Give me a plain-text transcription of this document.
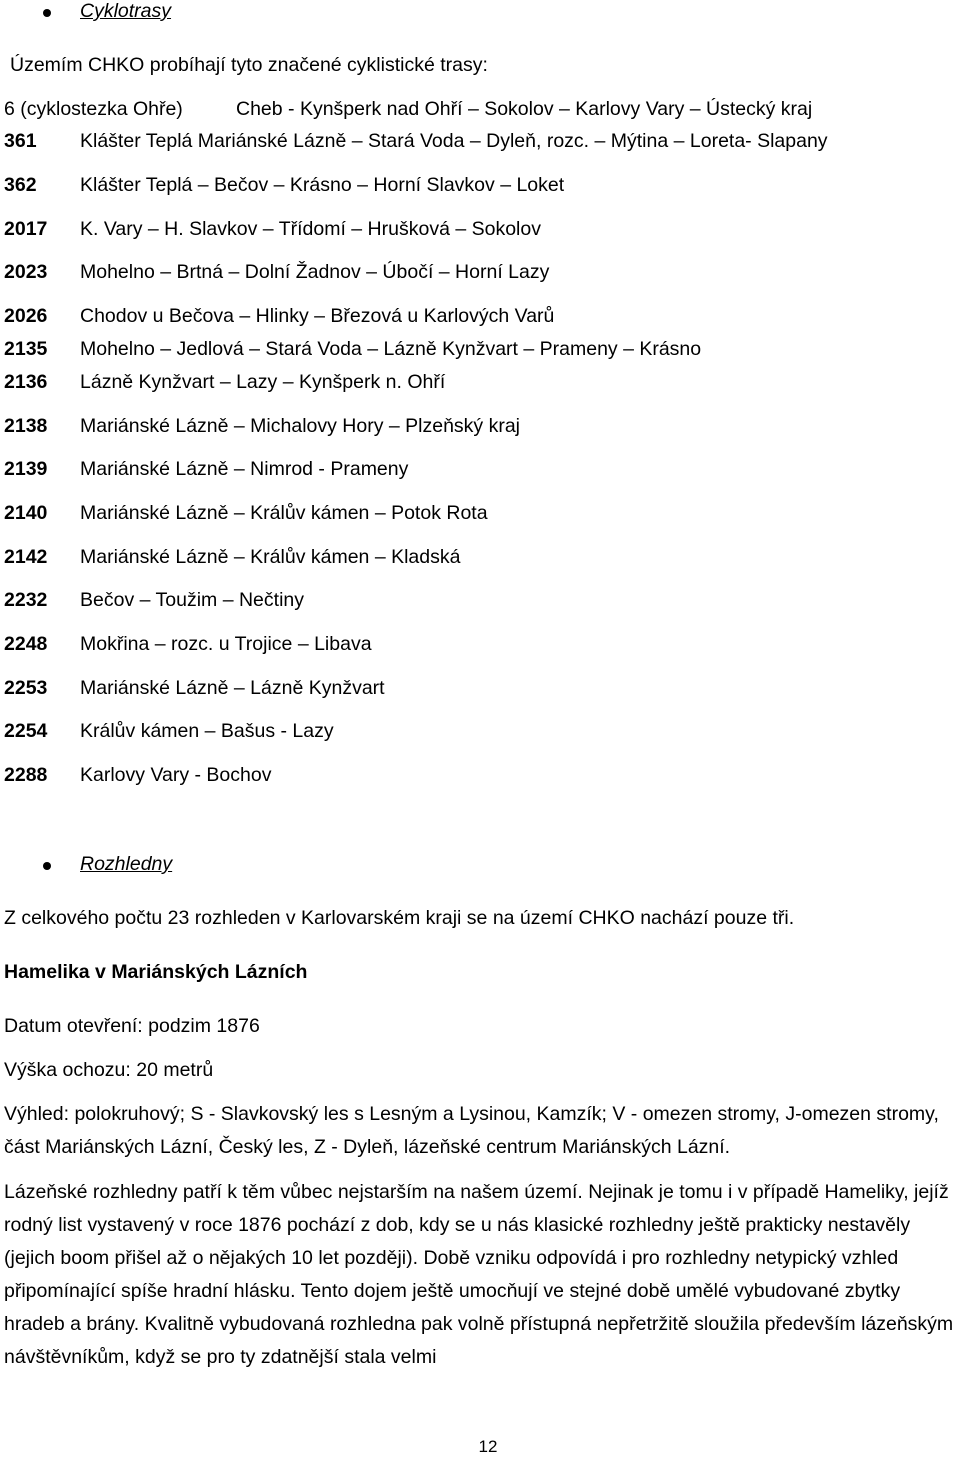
Cyklotrasy
Územím CHKO probíhají tyto značené cyklistické trasy:
6 (cyklostezka Ohře)	Cheb - Kynšperk nad Ohří – Sokolov – Karlovy Vary – Ústecký kraj
361 Klášter Teplá Mariánské Lázně – Stará Voda – Dyleň, rozc. – Mýtina – Loreta- Slapany
362 Klášter Teplá – Bečov – Krásno – Horní Slavkov – Loket
2017 K. Vary – H. Slavkov – Třídomí – Hrušková – Sokolov
2023 Mohelno – Brtná – Dolní Žadnov – Úbočí – Horní Lazy
2026 Chodov u Bečova – Hlinky – Březová u Karlových Varů
2135 Mohelno – Jedlová – Stará Voda – Lázně Kynžvart – Prameny – Krásno
2136 Lázně Kynžvart – Lazy – Kynšperk n. Ohří
2138 Mariánské Lázně – Michalovy Hory – Plzeňský kraj
2139 Mariánské Lázně – Nimrod - Prameny
2140 Mariánské Lázně – Králův kámen – Potok Rota
2142 Mariánské Lázně – Králův kámen – Kladská
2232 Bečov – Toužim – Nečtiny
2248 Mokřina – rozc. u Trojice – Libava
2253 Mariánské Lázně – Lázně Kynžvart
2254 Králův kámen – Bašus - Lazy
2288 Karlovy Vary - Bochov
Rozhledny
Z celkového počtu 23 rozhleden v Karlovarském kraji se na území CHKO nachází pouze tři.
Hamelika v Mariánských Lázních
Datum otevření: podzim 1876
Výška ochozu: 20 metrů
Výhled: polokruhový; S - Slavkovský les s Lesným a Lysinou, Kamzík; V - omezen stromy, J-omezen stromy, část Mariánských Lázní, Český les, Z - Dyleň, lázeňské centrum Mariánských Lázní.
Lázeňské rozhledny patří k těm vůbec nejstarším na našem území. Nejinak je tomu i v případě Hameliky, jejíž rodný list vystavený v roce 1876 pochází z dob, kdy se u nás klasické rozhledny ještě prakticky nestavěly (jejich boom přišel až o nějakých 10 let později). Době vzniku odpovídá i pro rozhledny netypický vzhled připomínající spíše hradní hlásku. Tento dojem ještě umocňují ve stejné době umělé vybudované zbytky hradeb a brány. Kvalitně vybudovaná rozhledna pak volně přístupná nepřetržitě sloužila především lázeňským návštěvníkům, když se pro ty zdatnější stala velmi
12
